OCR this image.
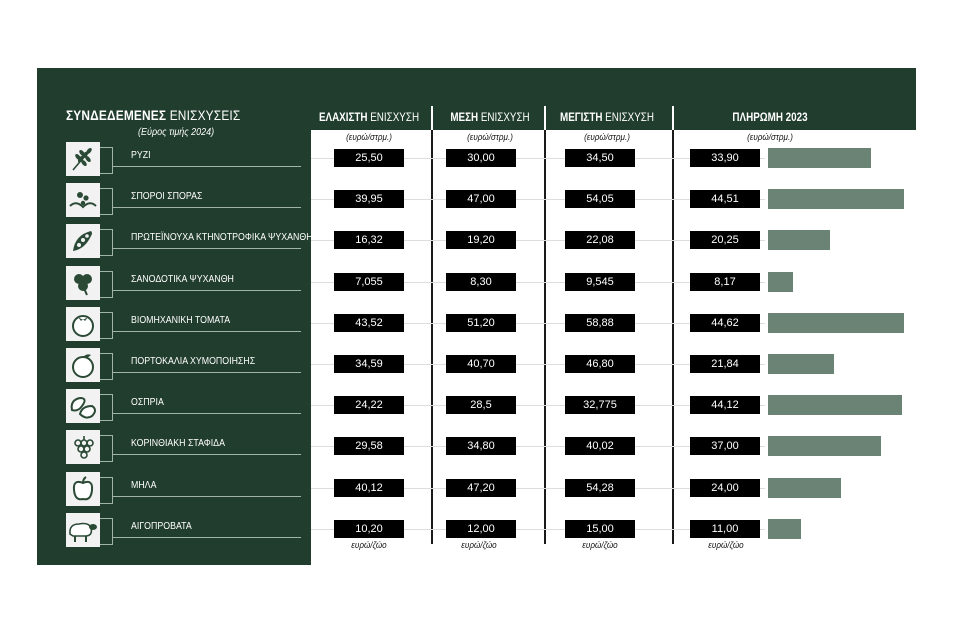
ΣΥΝΔΕΔΕΜΕΝΕΣ ΕΝΙΣΧΥΣΕΙΣ
(Εύρος τιμής 2024)
ΕΛΑΧΙΣΤΗ ΕΝΙΣΧΥΣΗ	ΜΕΣΗ ΕΝΙΣΧΥΣΗ	ΜΕΓΙΣΤΗ ΕΝΙΣΧΥΣΗ	ΠΛΗΡΩΜΗ 2023
(ευρώ/στρμ.)	(ευρώ/στρμ.)	(ευρώ/στρμ.)	(ευρώ/στρμ.)
ευρώ/ζώο	ευρώ/ζώο	ευρώ/ζώο	ευρώ/ζώο
ΡΥΖΙ	25,50	30,00	34,50	33,90
ΣΠΟΡΟΙ ΣΠΟΡΑΣ	39,95	47,00	54,05	44,51
ΠΡΩΤΕΪΝΟΥΧΑ ΚΤΗΝΟΤΡΟΦΙΚΑ ΨΥΧΑΝΘΗ	16,32	19,20	22,08	20,25
ΣΑΝΟΔΟΤΙΚΑ ΨΥΧΑΝΘΗ	7,055	8,30	9,545	8,17
ΒΙΟΜΗΧΑΝΙΚΗ ΤΟΜΑΤΑ	43,52	51,20	58,88	44,62
ΠΟΡΤΟΚΑΛΙΑ ΧΥΜΟΠΟΙΗΣΗΣ	34,59	40,70	46,80	21,84
ΟΣΠΡΙΑ	24,22	28,5	32,775	44,12
ΚΟΡΙΝΘΙΑΚΗ ΣΤΑΦΙΔΑ	29,58	34,80	40,02	37,00
ΜΗΛΑ	40,12	47,20	54,28	24,00
ΑΙΓΟΠΡΟΒΑΤΑ	10,20	12,00	15,00	11,00
